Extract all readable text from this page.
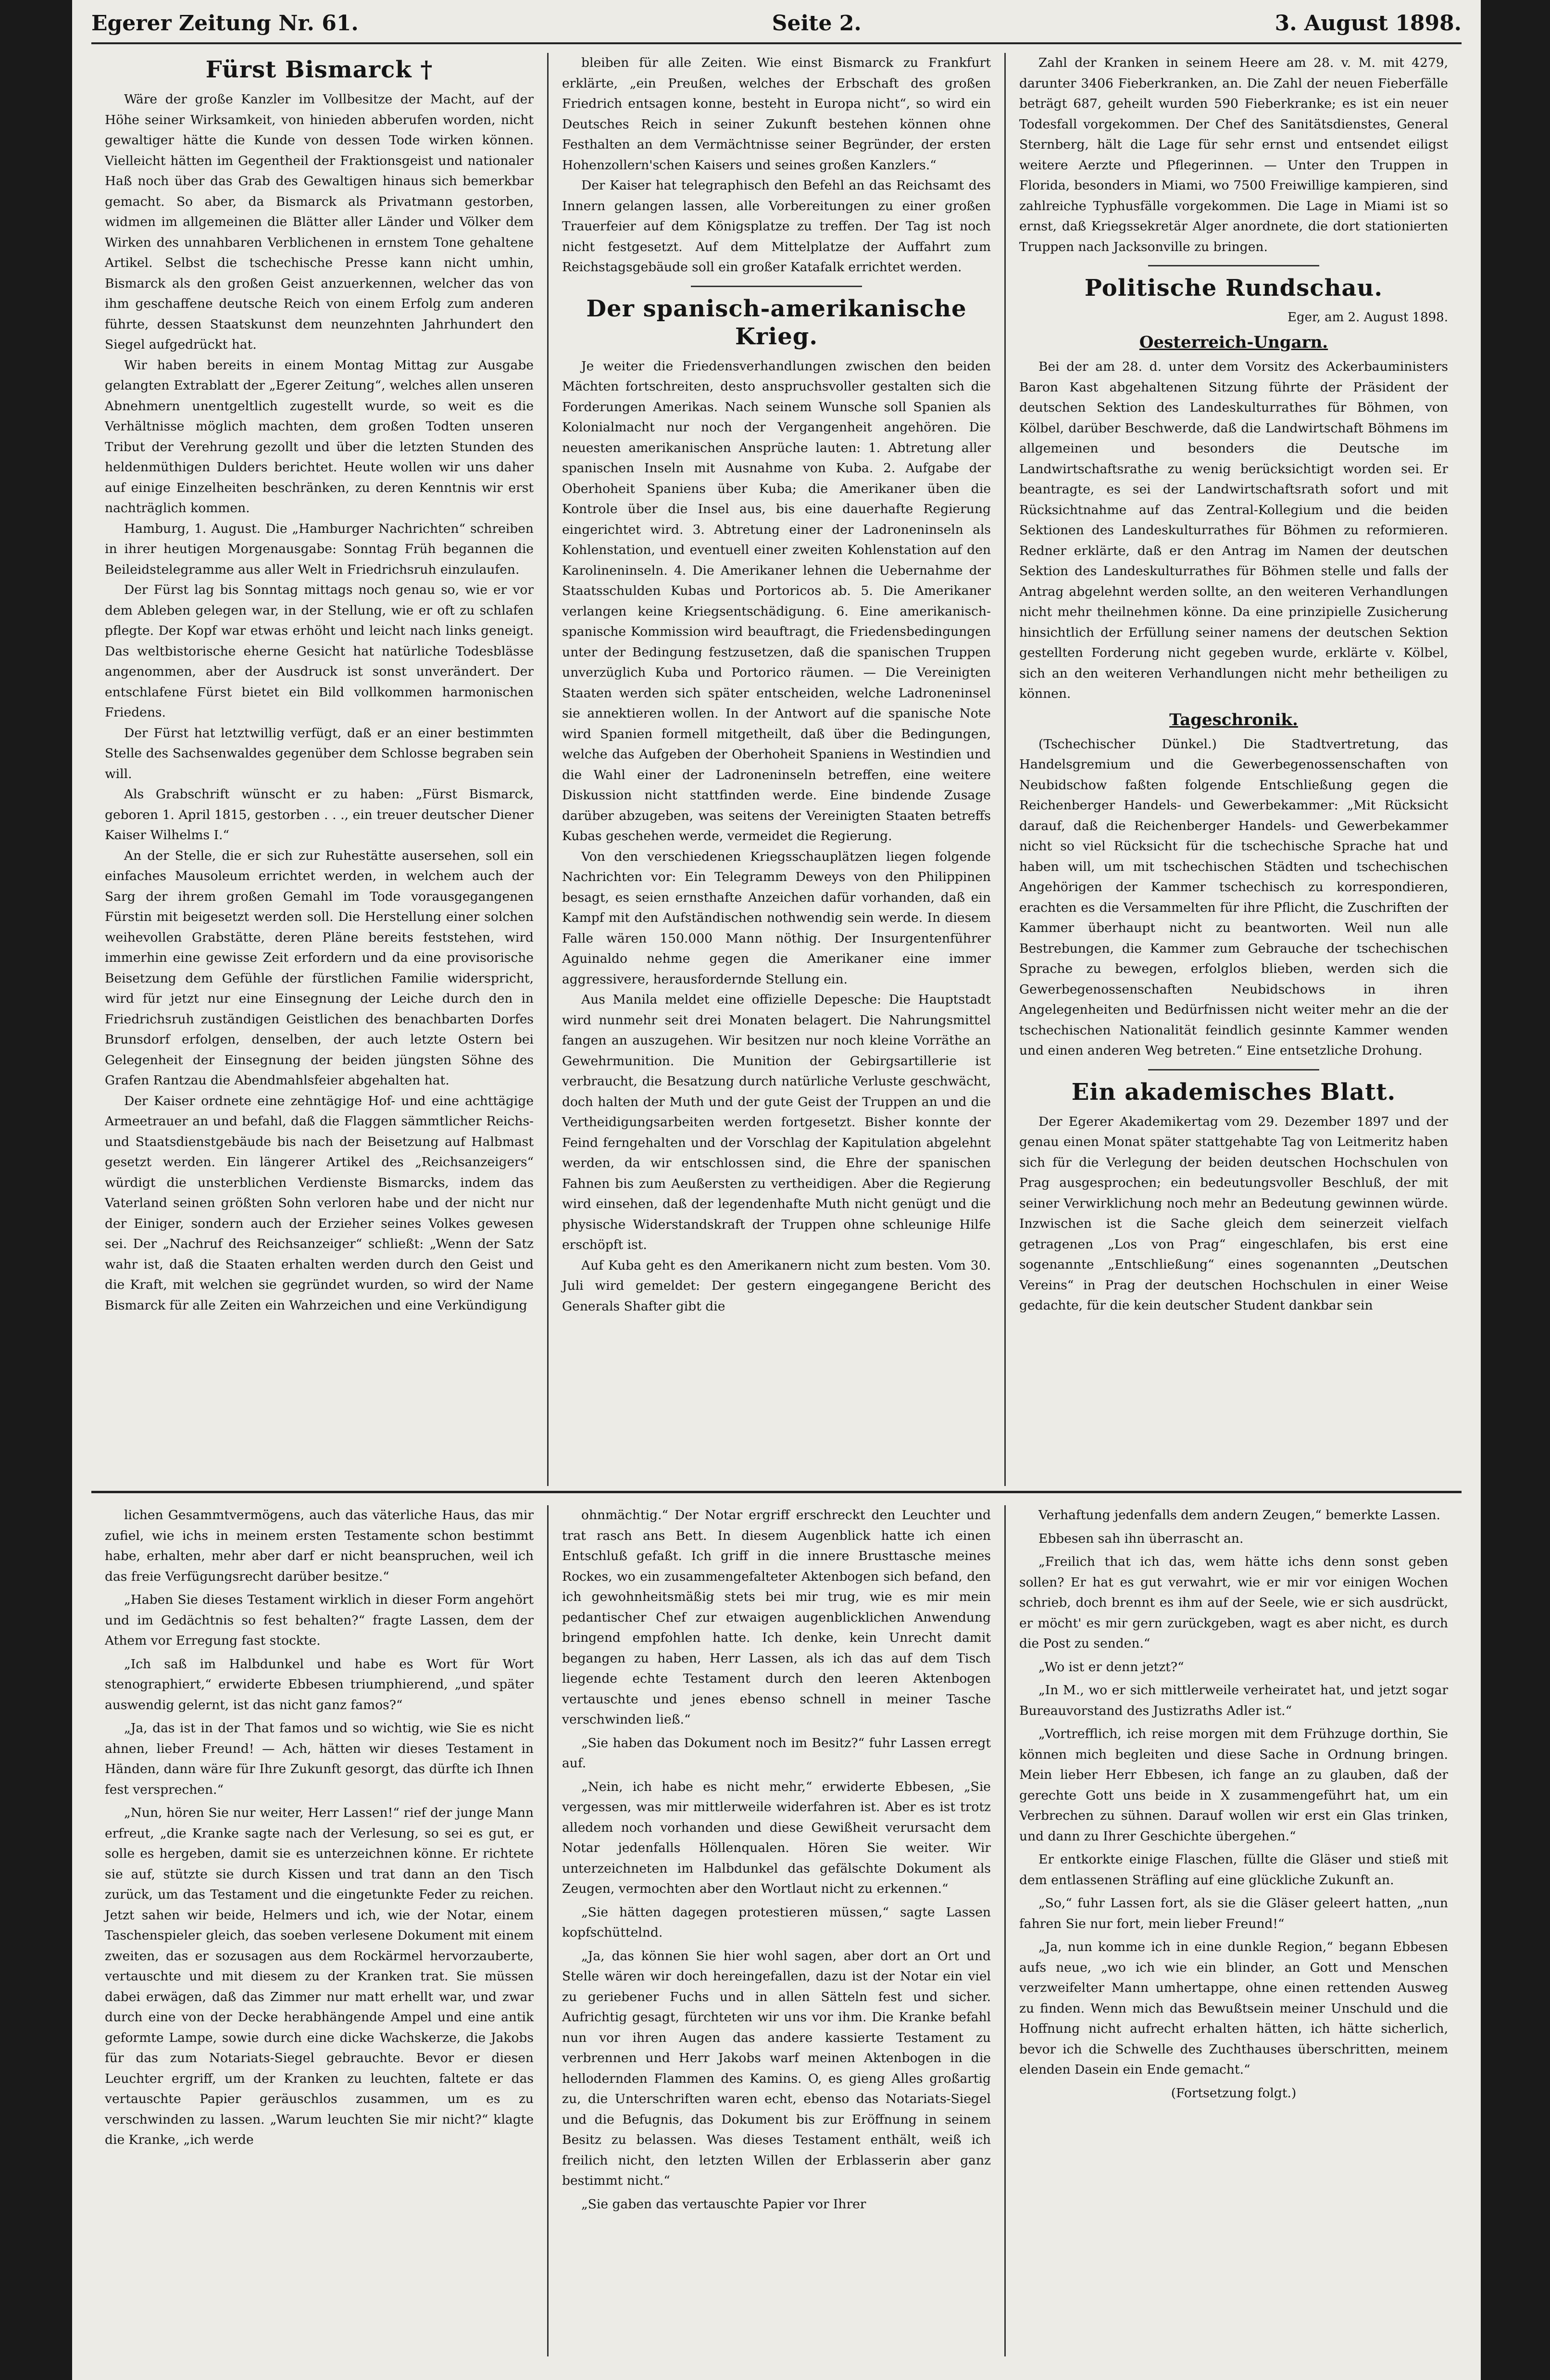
Egerer Zeitung Nr. 61.	Seite 2.	3. August 1898.
Fürst Bismarck †

Wäre der große Kanzler im Vollbesitze der Macht, auf der Höhe seiner Wirksamkeit, von hinieden abberufen worden, nicht gewaltiger hätte die Kunde von dessen Tode wirken können. Vielleicht hätten im Gegentheil der Fraktionsgeist und nationaler Haß noch über das Grab des Gewaltigen hinaus sich bemerkbar gemacht. So aber, da Bismarck als Privatmann gestorben, widmen im allgemeinen die Blätter aller Länder und Völker dem Wirken des unnahbaren Verblichenen in ernstem Tone gehaltene Artikel. Selbst die tschechische Presse kann nicht umhin, Bismarck als den großen Geist anzuerkennen, welcher das von ihm geschaffene deutsche Reich von einem Erfolg zum anderen führte, dessen Staatskunst dem neunzehnten Jahrhundert den Siegel aufgedrückt hat.

Wir haben bereits in einem Montag Mittag zur Ausgabe gelangten Extrablatt der „Egerer Zeitung“, welches allen unseren Abnehmern unentgeltlich zugestellt wurde, so weit es die Verhältnisse möglich machten, dem großen Todten unseren Tribut der Verehrung gezollt und über die letzten Stunden des heldenmüthigen Dulders berichtet. Heute wollen wir uns daher auf einige Einzelheiten beschränken, zu deren Kenntnis wir erst nachträglich kommen.

Hamburg, 1. August. Die „Hamburger Nachrichten“ schreiben in ihrer heutigen Morgenausgabe: Sonntag Früh begannen die Beileidstelegramme aus aller Welt in Friedrichsruh einzulaufen.

Der Fürst lag bis Sonntag mittags noch genau so, wie er vor dem Ableben gelegen war, in der Stellung, wie er oft zu schlafen pflegte. Der Kopf war etwas erhöht und leicht nach links geneigt. Das weltbistorische eherne Gesicht hat natürliche Todesblässe angenommen, aber der Ausdruck ist sonst unverändert. Der entschlafene Fürst bietet ein Bild vollkommen harmonischen Friedens.

Der Fürst hat letztwillig verfügt, daß er an einer bestimmten Stelle des Sachsenwaldes gegenüber dem Schlosse begraben sein will.

Als Grabschrift wünscht er zu haben: „Fürst Bismarck, geboren 1. April 1815, gestorben . . ., ein treuer deutscher Diener Kaiser Wilhelms I.“

An der Stelle, die er sich zur Ruhestätte ausersehen, soll ein einfaches Mausoleum errichtet werden, in welchem auch der Sarg der ihrem großen Gemahl im Tode vorausgegangenen Fürstin mit beigesetzt werden soll. Die Herstellung einer solchen weihevollen Grabstätte, deren Pläne bereits feststehen, wird immerhin eine gewisse Zeit erfordern und da eine provisorische Beisetzung dem Gefühle der fürstlichen Familie widerspricht, wird für jetzt nur eine Einsegnung der Leiche durch den in Friedrichsruh zuständigen Geistlichen des benachbarten Dorfes Brunsdorf erfolgen, denselben, der auch letzte Ostern bei Gelegenheit der Einsegnung der beiden jüngsten Söhne des Grafen Rantzau die Abendmahlsfeier abgehalten hat.

Der Kaiser ordnete eine zehntägige Hof- und eine achttägige Armeetrauer an und befahl, daß die Flaggen sämmtlicher Reichs- und Staatsdienstgebäude bis nach der Beisetzung auf Halbmast gesetzt werden. Ein längerer Artikel des „Reichsanzeigers“ würdigt die unsterblichen Verdienste Bismarcks, indem das Vaterland seinen größten Sohn verloren habe und der nicht nur der Einiger, sondern auch der Erzieher seines Volkes gewesen sei. Der „Nachruf des Reichsanzeiger“ schließt: „Wenn der Satz wahr ist, daß die Staaten erhalten werden durch den Geist und die Kraft, mit welchen sie gegründet wurden, so wird der Name Bismarck für alle Zeiten ein Wahrzeichen und eine Verkündigung

bleiben für alle Zeiten. Wie einst Bismarck zu Frankfurt erklärte, „ein Preußen, welches der Erbschaft des großen Friedrich entsagen konne, besteht in Europa nicht“, so wird ein Deutsches Reich in seiner Zukunft bestehen können ohne Festhalten an dem Vermächtnisse seiner Begründer, der ersten Hohenzollern'schen Kaisers und seines großen Kanzlers.“

Der Kaiser hat telegraphisch den Befehl an das Reichsamt des Innern gelangen lassen, alle Vorbereitungen zu einer großen Trauerfeier auf dem Königsplatze zu treffen. Der Tag ist noch nicht festgesetzt. Auf dem Mittelplatze der Auffahrt zum Reichstagsgebäude soll ein großer Katafalk errichtet werden.

Der spanisch-amerikanische Krieg.

Je weiter die Friedensverhandlungen zwischen den beiden Mächten fortschreiten, desto anspruchsvoller gestalten sich die Forderungen Amerikas. Nach seinem Wunsche soll Spanien als Kolonialmacht nur noch der Vergangenheit angehören. Die neuesten amerikanischen Ansprüche lauten: 1. Abtretung aller spanischen Inseln mit Ausnahme von Kuba. 2. Aufgabe der Oberhoheit Spaniens über Kuba; die Amerikaner üben die Kontrole über die Insel aus, bis eine dauerhafte Regierung eingerichtet wird. 3. Abtretung einer der Ladroneninseln als Kohlenstation, und eventuell einer zweiten Kohlenstation auf den Karolineninseln. 4. Die Amerikaner lehnen die Uebernahme der Staatsschulden Kubas und Portoricos ab. 5. Die Amerikaner verlangen keine Kriegsentschädigung. 6. Eine amerikanisch-spanische Kommission wird beauftragt, die Friedensbedingungen unter der Bedingung festzusetzen, daß die spanischen Truppen unverzüglich Kuba und Portorico räumen. — Die Vereinigten Staaten werden sich später entscheiden, welche Ladroneninsel sie annektieren wollen. In der Antwort auf die spanische Note wird Spanien formell mitgetheilt, daß über die Bedingungen, welche das Aufgeben der Oberhoheit Spaniens in Westindien und die Wahl einer der Ladroneninseln betreffen, eine weitere Diskussion nicht stattfinden werde. Eine bindende Zusage darüber abzugeben, was seitens der Vereinigten Staaten betreffs Kubas geschehen werde, vermeidet die Regierung.

Von den verschiedenen Kriegsschauplätzen liegen folgende Nachrichten vor: Ein Telegramm Deweys von den Philippinen besagt, es seien ernsthafte Anzeichen dafür vorhanden, daß ein Kampf mit den Aufständischen nothwendig sein werde. In diesem Falle wären 150.000 Mann nöthig. Der Insurgentenführer Aguinaldo nehme gegen die Amerikaner eine immer aggressivere, herausfordernde Stellung ein.

Aus Manila meldet eine offizielle Depesche: Die Hauptstadt wird nunmehr seit drei Monaten belagert. Die Nahrungsmittel fangen an auszugehen. Wir besitzen nur noch kleine Vorräthe an Gewehrmunition. Die Munition der Gebirgsartillerie ist verbraucht, die Besatzung durch natürliche Verluste geschwächt, doch halten der Muth und der gute Geist der Truppen an und die Vertheidigungsarbeiten werden fortgesetzt. Bisher konnte der Feind ferngehalten und der Vorschlag der Kapitulation abgelehnt werden, da wir entschlossen sind, die Ehre der spanischen Fahnen bis zum Aeußersten zu vertheidigen. Aber die Regierung wird einsehen, daß der legendenhafte Muth nicht genügt und die physische Widerstandskraft der Truppen ohne schleunige Hilfe erschöpft ist.

Auf Kuba geht es den Amerikanern nicht zum besten. Vom 30. Juli wird gemeldet: Der gestern eingegangene Bericht des Generals Shafter gibt die

Zahl der Kranken in seinem Heere am 28. v. M. mit 4279, darunter 3406 Fieberkranken, an. Die Zahl der neuen Fieberfälle beträgt 687, geheilt wurden 590 Fieberkranke; es ist ein neuer Todesfall vorgekommen. Der Chef des Sanitätsdienstes, General Sternberg, hält die Lage für sehr ernst und entsendet eiligst weitere Aerzte und Pflegerinnen. — Unter den Truppen in Florida, besonders in Miami, wo 7500 Freiwillige kampieren, sind zahlreiche Typhusfälle vorgekommen. Die Lage in Miami ist so ernst, daß Kriegssekretär Alger anordnete, die dort stationierten Truppen nach Jacksonville zu bringen.

Politische Rundschau.
Eger, am 2. August 1898.
Oesterreich-Ungarn.

Bei der am 28. d. unter dem Vorsitz des Ackerbauministers Baron Kast abgehaltenen Sitzung führte der Präsident der deutschen Sektion des Landeskulturrathes für Böhmen, von Kölbel, darüber Beschwerde, daß die Landwirtschaft Böhmens im allgemeinen und besonders die Deutsche im Landwirtschaftsrathe zu wenig berücksichtigt worden sei. Er beantragte, es sei der Landwirtschaftsrath sofort und mit Rücksichtnahme auf das Zentral-Kollegium und die beiden Sektionen des Landeskulturrathes für Böhmen zu reformieren. Redner erklärte, daß er den Antrag im Namen der deutschen Sektion des Landeskulturrathes für Böhmen stelle und falls der Antrag abgelehnt werden sollte, an den weiteren Verhandlungen nicht mehr theilnehmen könne. Da eine prinzipielle Zusicherung hinsichtlich der Erfüllung seiner namens der deutschen Sektion gestellten Forderung nicht gegeben wurde, erklärte v. Kölbel, sich an den weiteren Verhandlungen nicht mehr betheiligen zu können.

Tageschronik.

(Tschechischer Dünkel.) Die Stadtvertretung, das Handelsgremium und die Gewerbegenossenschaften von Neubidschow faßten folgende Entschließung gegen die Reichenberger Handels- und Gewerbekammer: „Mit Rücksicht darauf, daß die Reichenberger Handels- und Gewerbekammer nicht so viel Rücksicht für die tschechische Sprache hat und haben will, um mit tschechischen Städten und tschechischen Angehörigen der Kammer tschechisch zu korrespondieren, erachten es die Versammelten für ihre Pflicht, die Zuschriften der Kammer überhaupt nicht zu beantworten. Weil nun alle Bestrebungen, die Kammer zum Gebrauche der tschechischen Sprache zu bewegen, erfolglos blieben, werden sich die Gewerbegenossenschaften Neubidschows in ihren Angelegenheiten und Bedürfnissen nicht weiter mehr an die der tschechischen Nationalität feindlich gesinnte Kammer wenden und einen anderen Weg betreten.“ Eine entsetzliche Drohung.

Ein akademisches Blatt.

Der Egerer Akademikertag vom 29. Dezember 1897 und der genau einen Monat später stattgehabte Tag von Leitmeritz haben sich für die Verlegung der beiden deutschen Hochschulen von Prag ausgesprochen; ein bedeutungsvoller Beschluß, der mit seiner Verwirklichung noch mehr an Bedeutung gewinnen würde. Inzwischen ist die Sache gleich dem seinerzeit vielfach getragenen „Los von Prag“ eingeschlafen, bis erst eine sogenannte „Entschließung“ eines sogenannten „Deutschen Vereins“ in Prag der deutschen Hochschulen in einer Weise gedachte, für die kein deutscher Student dankbar sein

lichen Gesammtvermögens, auch das väterliche Haus, das mir zufiel, wie ichs in meinem ersten Testamente schon bestimmt habe, erhalten, mehr aber darf er nicht beanspruchen, weil ich das freie Verfügungsrecht darüber besitze.“

„Haben Sie dieses Testament wirklich in dieser Form angehört und im Gedächtnis so fest behalten?“ fragte Lassen, dem der Athem vor Erregung fast stockte.

„Ich saß im Halbdunkel und habe es Wort für Wort stenographiert,“ erwiderte Ebbesen triumphierend, „und später auswendig gelernt, ist das nicht ganz famos?“

„Ja, das ist in der That famos und so wichtig, wie Sie es nicht ahnen, lieber Freund! — Ach, hätten wir dieses Testament in Händen, dann wäre für Ihre Zukunft gesorgt, das dürfte ich Ihnen fest versprechen.“

„Nun, hören Sie nur weiter, Herr Lassen!“ rief der junge Mann erfreut, „die Kranke sagte nach der Verlesung, so sei es gut, er solle es hergeben, damit sie es unterzeichnen könne. Er richtete sie auf, stützte sie durch Kissen und trat dann an den Tisch zurück, um das Testament und die eingetunkte Feder zu reichen. Jetzt sahen wir beide, Helmers und ich, wie der Notar, einem Taschenspieler gleich, das soeben verlesene Dokument mit einem zweiten, das er sozusagen aus dem Rockärmel hervorzauberte, vertauschte und mit diesem zu der Kranken trat. Sie müssen dabei erwägen, daß das Zimmer nur matt erhellt war, und zwar durch eine von der Decke herabhängende Ampel und eine antik geformte Lampe, sowie durch eine dicke Wachskerze, die Jakobs für das zum Notariats-Siegel gebrauchte. Bevor er diesen Leuchter ergriff, um der Kranken zu leuchten, faltete er das vertauschte Papier geräuschlos zusammen, um es zu verschwinden zu lassen. „Warum leuchten Sie mir nicht?“ klagte die Kranke, „ich werde

ohnmächtig.“ Der Notar ergriff erschreckt den Leuchter und trat rasch ans Bett. In diesem Augenblick hatte ich einen Entschluß gefaßt. Ich griff in die innere Brusttasche meines Rockes, wo ein zusammengefalteter Aktenbogen sich befand, den ich gewohnheitsmäßig stets bei mir trug, wie es mir mein pedantischer Chef zur etwaigen augenblicklichen Anwendung bringend empfohlen hatte. Ich denke, kein Unrecht damit begangen zu haben, Herr Lassen, als ich das auf dem Tisch liegende echte Testament durch den leeren Aktenbogen vertauschte und jenes ebenso schnell in meiner Tasche verschwinden ließ.“

„Sie haben das Dokument noch im Besitz?“ fuhr Lassen erregt auf.

„Nein, ich habe es nicht mehr,“ erwiderte Ebbesen, „Sie vergessen, was mir mittlerweile widerfahren ist. Aber es ist trotz alledem noch vorhanden und diese Gewißheit verursacht dem Notar jedenfalls Höllenqualen. Hören Sie weiter. Wir unterzeichneten im Halbdunkel das gefälschte Dokument als Zeugen, vermochten aber den Wortlaut nicht zu erkennen.“

„Sie hätten dagegen protestieren müssen,“ sagte Lassen kopfschüttelnd.

„Ja, das können Sie hier wohl sagen, aber dort an Ort und Stelle wären wir doch hereingefallen, dazu ist der Notar ein viel zu geriebener Fuchs und in allen Sätteln fest und sicher. Aufrichtig gesagt, fürchteten wir uns vor ihm. Die Kranke befahl nun vor ihren Augen das andere kassierte Testament zu verbrennen und Herr Jakobs warf meinen Aktenbogen in die hellodernden Flammen des Kamins. O, es gieng Alles großartig zu, die Unterschriften waren echt, ebenso das Notariats-Siegel und die Befugnis, das Dokument bis zur Eröffnung in seinem Besitz zu belassen. Was dieses Testament enthält, weiß ich freilich nicht, den letzten Willen der Erblasserin aber ganz bestimmt nicht.“

„Sie gaben das vertauschte Papier vor Ihrer

Verhaftung jedenfalls dem andern Zeugen,“ bemerkte Lassen.

Ebbesen sah ihn überrascht an.

„Freilich that ich das, wem hätte ichs denn sonst geben sollen? Er hat es gut verwahrt, wie er mir vor einigen Wochen schrieb, doch brennt es ihm auf der Seele, wie er sich ausdrückt, er möcht' es mir gern zurückgeben, wagt es aber nicht, es durch die Post zu senden.“

„Wo ist er denn jetzt?“

„In M., wo er sich mittlerweile verheiratet hat, und jetzt sogar Bureauvorstand des Justizraths Adler ist.“

„Vortrefflich, ich reise morgen mit dem Frühzuge dorthin, Sie können mich begleiten und diese Sache in Ordnung bringen. Mein lieber Herr Ebbesen, ich fange an zu glauben, daß der gerechte Gott uns beide in X zusammengeführt hat, um ein Verbrechen zu sühnen. Darauf wollen wir erst ein Glas trinken, und dann zu Ihrer Geschichte übergehen.“

Er entkorkte einige Flaschen, füllte die Gläser und stieß mit dem entlassenen Sträfling auf eine glückliche Zukunft an.

„So,“ fuhr Lassen fort, als sie die Gläser geleert hatten, „nun fahren Sie nur fort, mein lieber Freund!“

„Ja, nun komme ich in eine dunkle Region,“ begann Ebbesen aufs neue, „wo ich wie ein blinder, an Gott und Menschen verzweifelter Mann umhertappe, ohne einen rettenden Ausweg zu finden. Wenn mich das Bewußtsein meiner Unschuld und die Hoffnung nicht aufrecht erhalten hätten, ich hätte sicherlich, bevor ich die Schwelle des Zuchthauses überschritten, meinem elenden Dasein ein Ende gemacht.“

(Fortsetzung folgt.)
